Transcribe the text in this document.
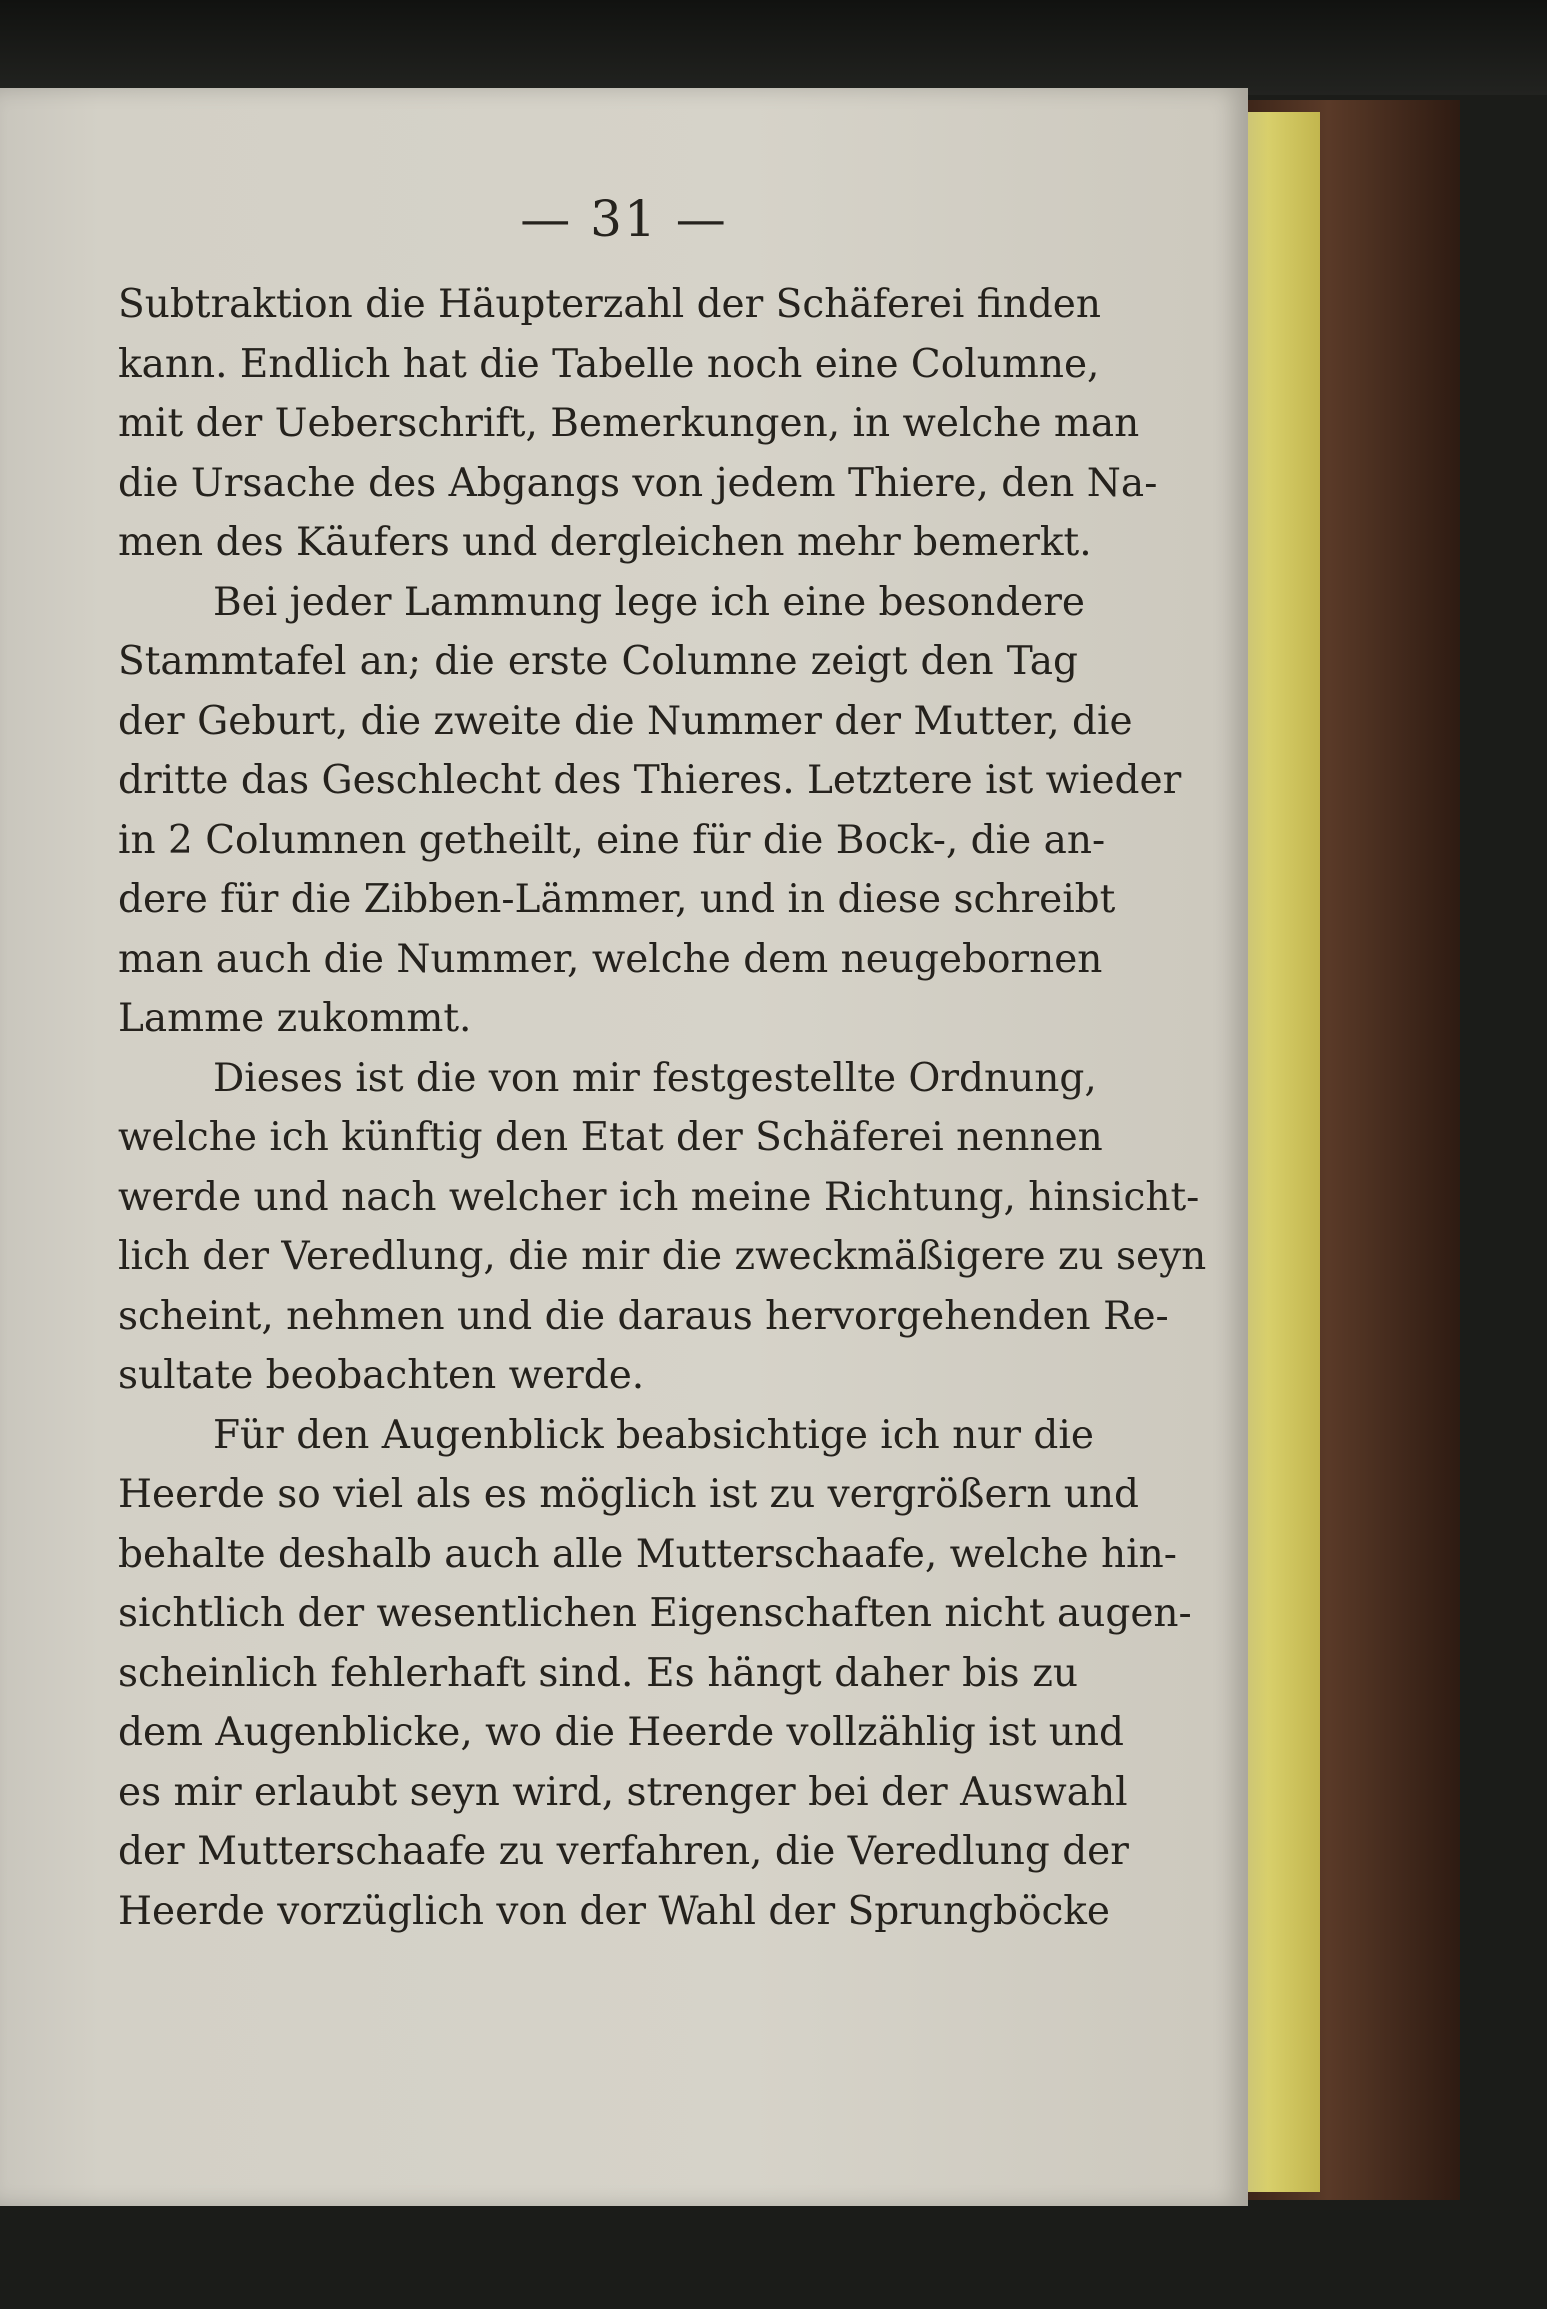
— 31 —
Subtraktion die Häupterzahl der Schäferei finden
kann. Endlich hat die Tabelle noch eine Columne,
mit der Ueberschrift, Bemerkungen, in welche man
die Ursache des Abgangs von jedem Thiere, den Na-
men des Käufers und dergleichen mehr bemerkt.
Bei jeder Lammung lege ich eine besondere
Stammtafel an; die erste Columne zeigt den Tag
der Geburt, die zweite die Nummer der Mutter, die
dritte das Geschlecht des Thieres. Letztere ist wieder
in 2 Columnen getheilt, eine für die Bock-, die an-
dere für die Zibben-Lämmer, und in diese schreibt
man auch die Nummer, welche dem neugebornen
Lamme zukommt.
Dieses ist die von mir festgestellte Ordnung,
welche ich künftig den Etat der Schäferei nennen
werde und nach welcher ich meine Richtung, hinsicht-
lich der Veredlung, die mir die zweckmäßigere zu seyn
scheint, nehmen und die daraus hervorgehenden Re-
sultate beobachten werde.
Für den Augenblick beabsichtige ich nur die
Heerde so viel als es möglich ist zu vergrößern und
behalte deshalb auch alle Mutterschaafe, welche hin-
sichtlich der wesentlichen Eigenschaften nicht augen-
scheinlich fehlerhaft sind. Es hängt daher bis zu
dem Augenblicke, wo die Heerde vollzählig ist und
es mir erlaubt seyn wird, strenger bei der Auswahl
der Mutterschaafe zu verfahren, die Veredlung der
Heerde vorzüglich von der Wahl der Sprungböcke
